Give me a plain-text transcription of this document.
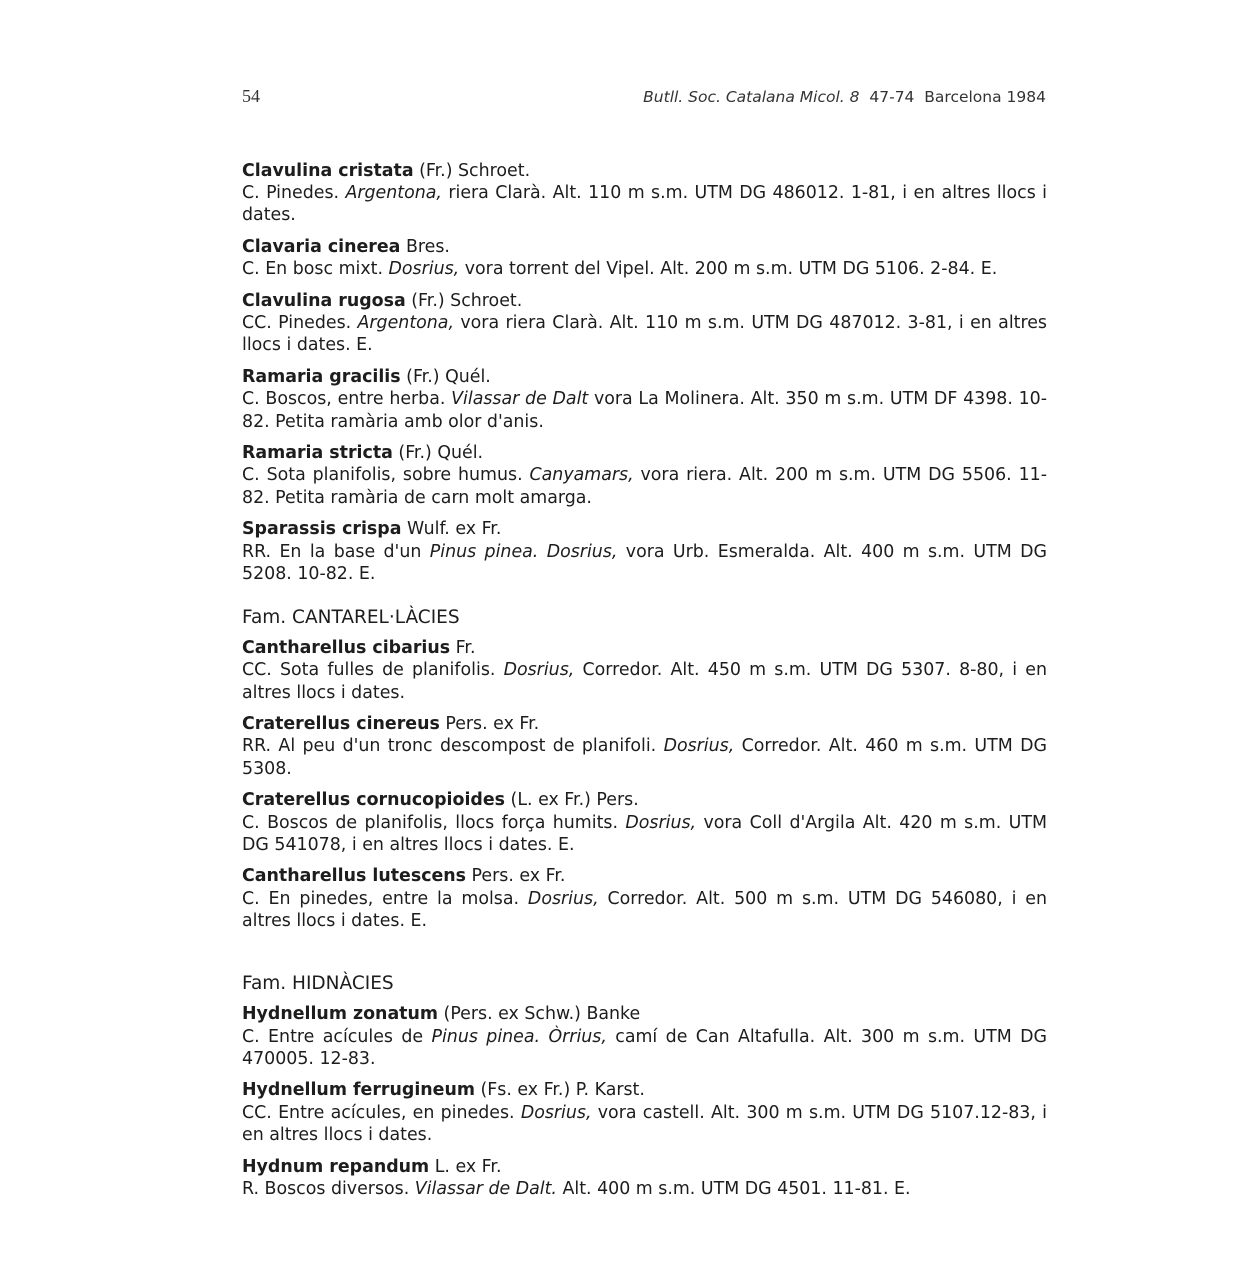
54	Butll. Soc. Catalana Micol. 8 47-74 Barcelona 1984
Clavulina cristata (Fr.) Schroet.
C. Pinedes. Argentona, riera Clarà. Alt. 110 m s.m. UTM DG 486012. 1-81, i en altres llocs i dates.
Clavaria cinerea Bres.
C. En bosc mixt. Dosrius, vora torrent del Vipel. Alt. 200 m s.m. UTM DG 5106. 2-84. E.
Clavulina rugosa (Fr.) Schroet.
CC. Pinedes. Argentona, vora riera Clarà. Alt. 110 m s.m. UTM DG 487012. 3-81, i en altres llocs i dates. E.
Ramaria gracilis (Fr.) Quél.
C. Boscos, entre herba. Vilassar de Dalt vora La Molinera. Alt. 350 m s.m. UTM DF 4398. 10-82. Petita ramària amb olor d'anis.
Ramaria stricta (Fr.) Quél.
C. Sota planifolis, sobre humus. Canyamars, vora riera. Alt. 200 m s.m. UTM DG 5506. 11-82. Petita ramària de carn molt amarga.
Sparassis crispa Wulf. ex Fr.
RR. En la base d'un Pinus pinea. Dosrius, vora Urb. Esmeralda. Alt. 400 m s.m. UTM DG 5208. 10-82. E.
Fam. CANTAREL·LÀCIES
Cantharellus cibarius Fr.
CC. Sota fulles de planifolis. Dosrius, Corredor. Alt. 450 m s.m. UTM DG 5307. 8-80, i en altres llocs i dates.
Craterellus cinereus Pers. ex Fr.
RR. Al peu d'un tronc descompost de planifoli. Dosrius, Corredor. Alt. 460 m s.m. UTM DG 5308.
Craterellus cornucopioides (L. ex Fr.) Pers.
C. Boscos de planifolis, llocs força humits. Dosrius, vora Coll d'Argila Alt. 420 m s.m. UTM DG 541078, i en altres llocs i dates. E.
Cantharellus lutescens Pers. ex Fr.
C. En pinedes, entre la molsa. Dosrius, Corredor. Alt. 500 m s.m. UTM DG 546080, i en altres llocs i dates. E.
Fam. HIDNÀCIES
Hydnellum zonatum (Pers. ex Schw.) Banke
C. Entre acícules de Pinus pinea. Òrrius, camí de Can Altafulla. Alt. 300 m s.m. UTM DG 470005. 12-83.
Hydnellum ferrugineum (Fs. ex Fr.) P. Karst.
CC. Entre acícules, en pinedes. Dosrius, vora castell. Alt. 300 m s.m. UTM DG 5107.12-83, i en altres llocs i dates.
Hydnum repandum L. ex Fr.
R. Boscos diversos. Vilassar de Dalt. Alt. 400 m s.m. UTM DG 4501. 11-81. E.
